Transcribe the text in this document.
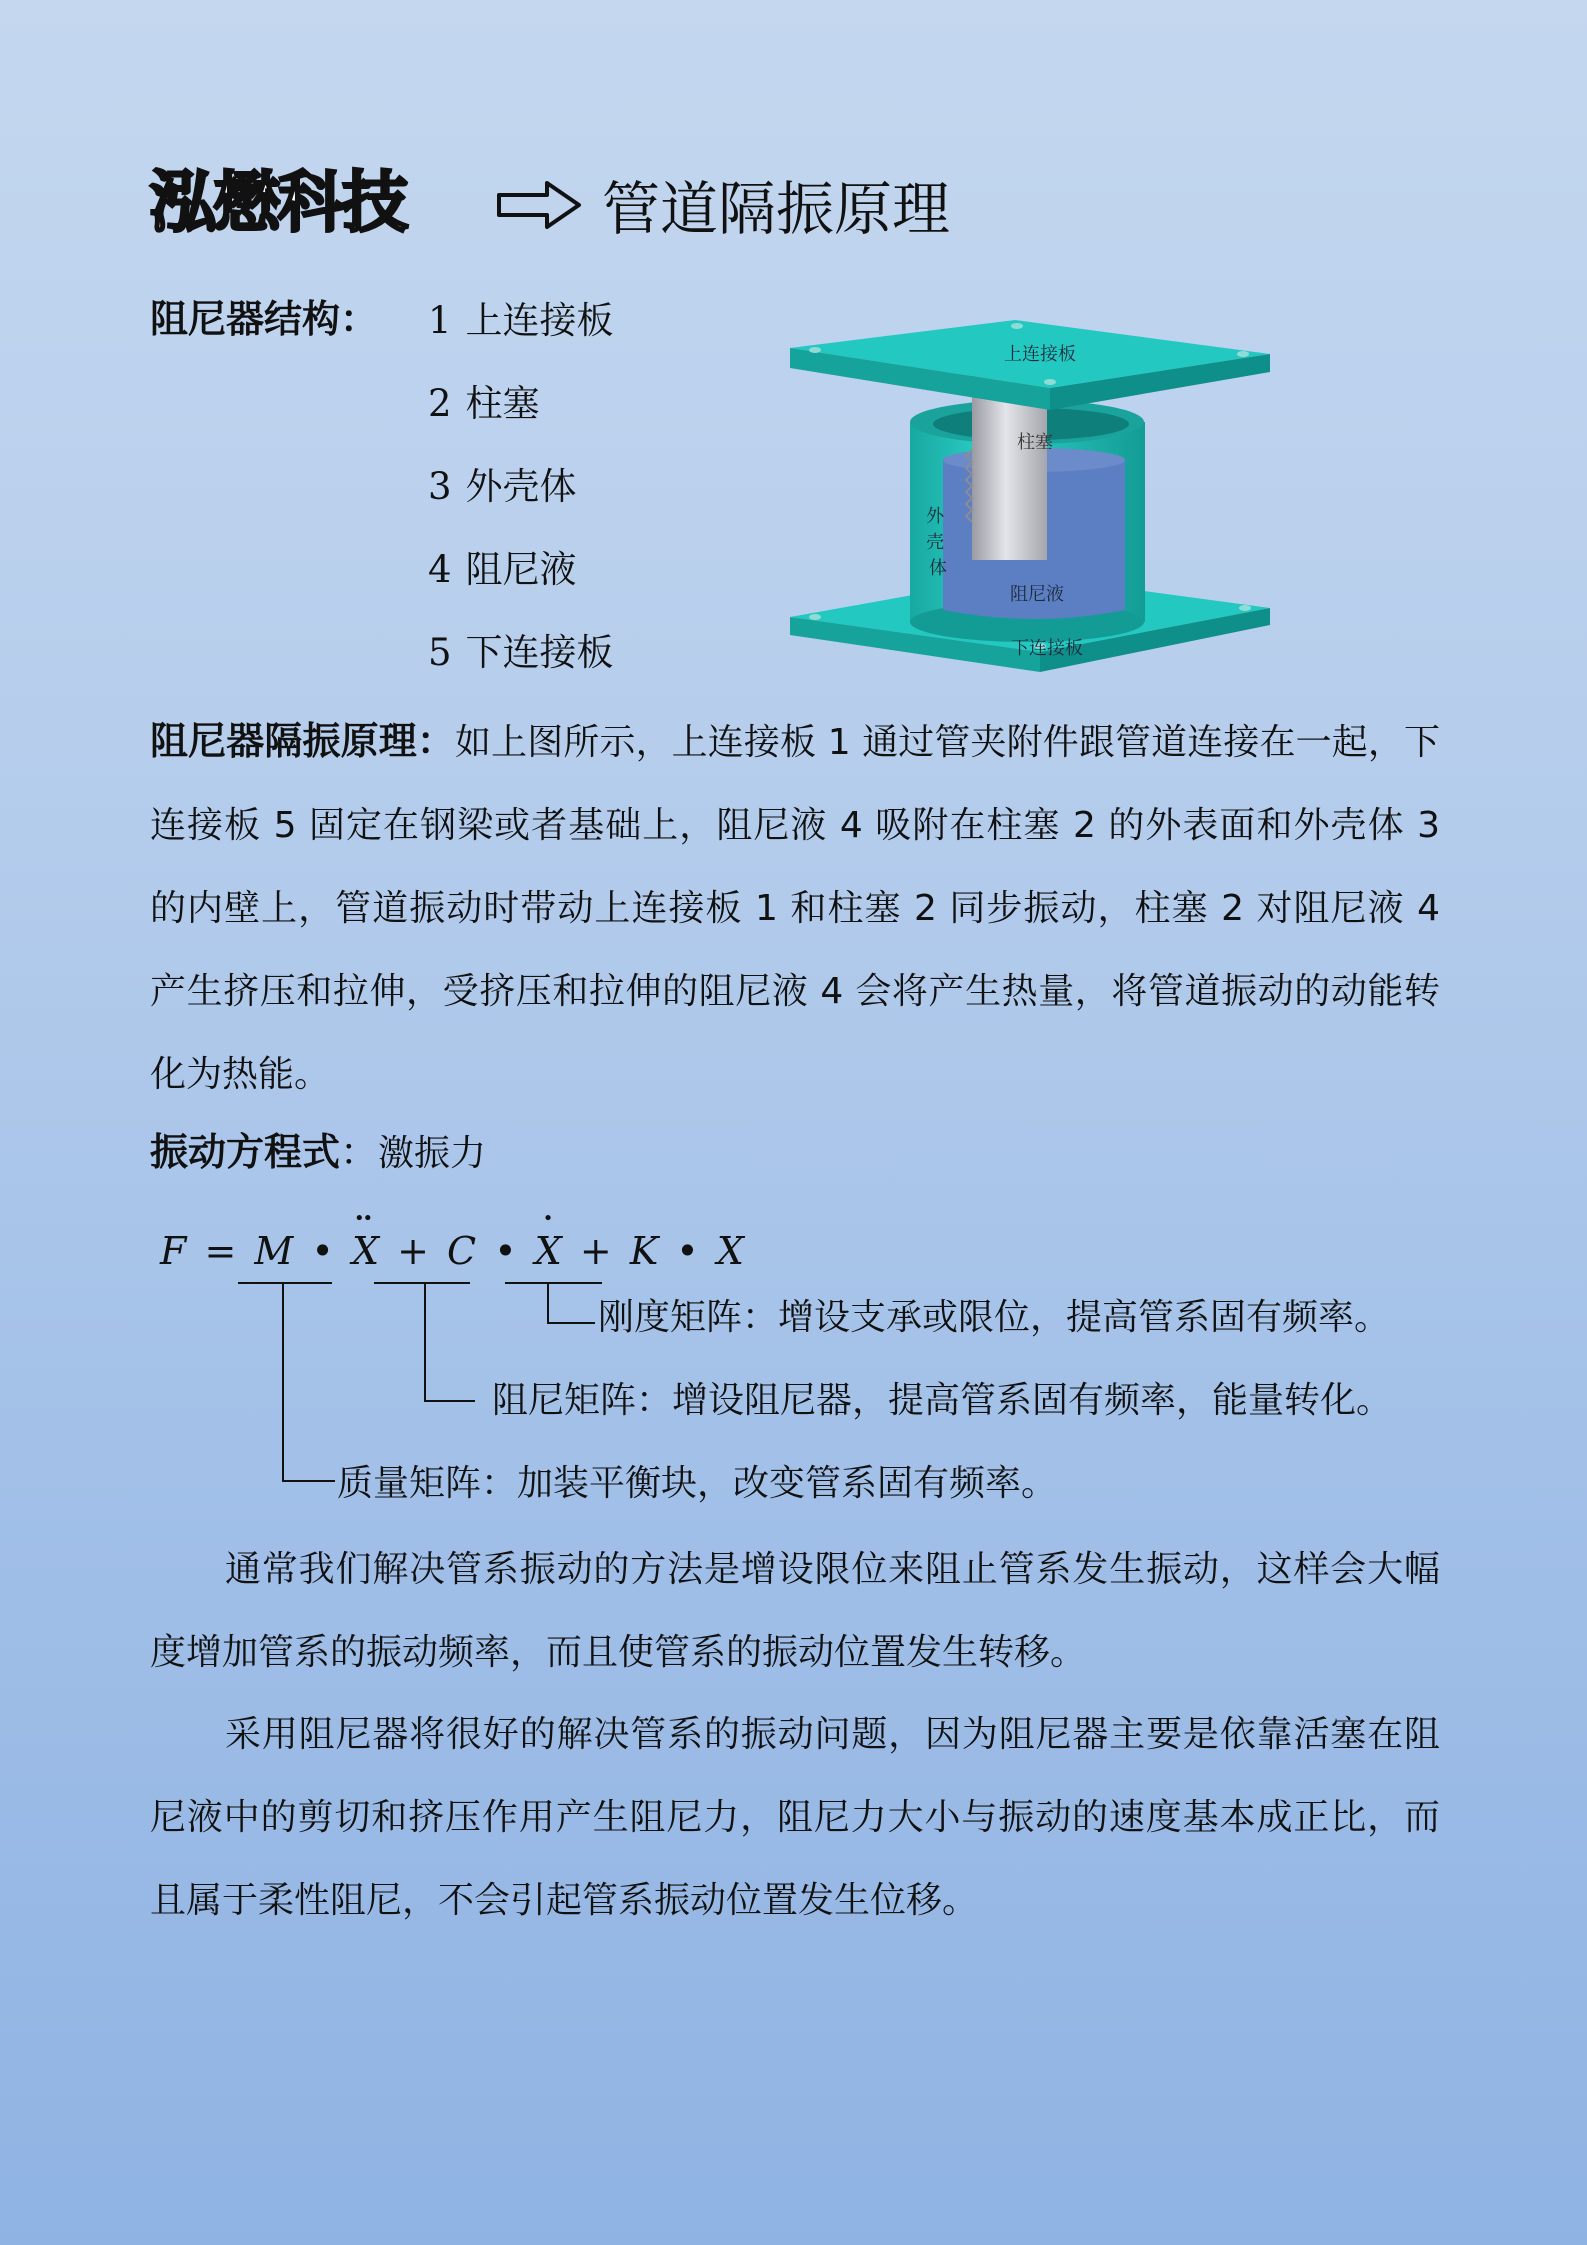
泓懋科技	管道隔振原理
阻尼器结构： 1 上连接板
2 柱塞
3 外壳体
4 阻尼液
5 下连接板
上连接板
柱塞
阻尼液
下连接板
外 壳 体
阻尼器隔振原理：如上图所示，上连接板 1 通过管夹附件跟管道连接在一起，下连接板 5 固定在钢梁或者基础上，阻尼液 4 吸附在柱塞 2 的外表面和外壳体 3 的内壁上，管道振动时带动上连接板 1 和柱塞 2 同步振动，柱塞 2 对阻尼液 4 产生挤压和拉伸，受挤压和拉伸的阻尼液 4 会将产生热量，将管道振动的动能转化为热能。
振动方程式：激振力
F = M • •• X + C • • X + K • X
刚度矩阵：增设支承或限位，提高管系固有频率。
阻尼矩阵：增设阻尼器，提高管系固有频率，能量转化。
质量矩阵：加装平衡块，改变管系固有频率。
通常我们解决管系振动的方法是增设限位来阻止管系发生振动，这样会大幅度增加管系的振动频率，而且使管系的振动位置发生转移。
采用阻尼器将很好的解决管系的振动问题，因为阻尼器主要是依靠活塞在阻尼液中的剪切和挤压作用产生阻尼力，阻尼力大小与振动的速度基本成正比，而且属于柔性阻尼，不会引起管系振动位置发生位移。
